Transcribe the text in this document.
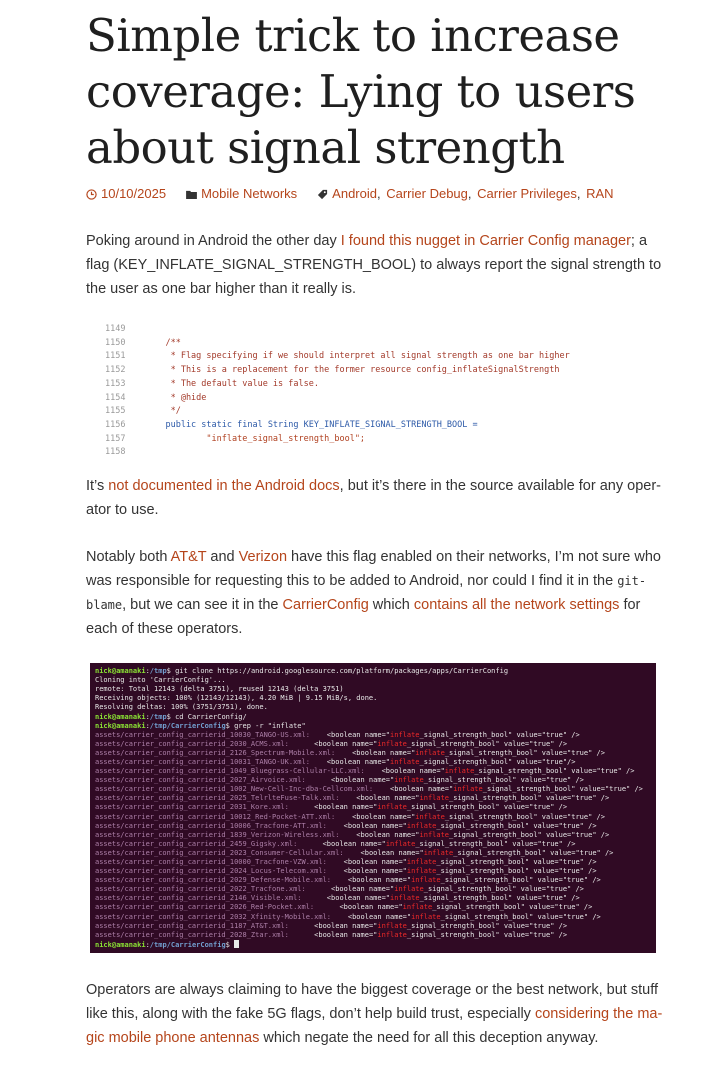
Simple trick to increase coverage: Lying to users about signal strength
10/10/2025	Mobile Networks	Android ,
Carrier Debug ,
Carrier Privileges ,
RAN

Poking around in Android the other day I found this nugget in Carrier Config manager; a flag (KEY_INFLATE_SIGNAL_STRENGTH_BOOL) to always report the signal strength to the user as one bar higher than it really is.

1149
1150	/**
1151	* Flag specifying if we should interpret all signal strength as one bar higher
1152	* This is a replacement for the former resource config_inflateSignalStrength
1153	* The default value is false.
1154	* @hide
1155	*/
1156	public static final String KEY_INFLATE_SIGNAL_STRENGTH_BOOL =
1157	"inflate_signal_strength_bool";
1158

It’s not documented in the Android docs, but it’s there in the source available for any operator to use.

Notably both AT&T and Verizon have this flag enabled on their networks, I’m not sure who was responsible for requesting this to be added to Android, nor could I find it in the git-blame, but we can see it in the CarrierConfig which contains all the network settings for each of these operators.

nick@amanaki:/tmp$ git clone https://android.googlesource.com/platform/packages/apps/CarrierConfig
Cloning into 'CarrierConfig'...
remote: Total 12143 (delta 3751), reused 12143 (delta 3751)
Receiving objects: 100% (12143/12143), 4.20 MiB | 9.15 MiB/s, done.
Resolving deltas: 100% (3751/3751), done.
nick@amanaki:/tmp$ cd CarrierConfig/
nick@amanaki:/tmp/CarrierConfig$ grep -r "inflate"
assets/carrier_config_carrierid_10030_TANGO-US.xml:    <boolean name="inflate_signal_strength_bool" value="true" />
assets/carrier_config_carrierid_2030_ACMS.xml:      <boolean name="inflate_signal_strength_bool" value="true" />
assets/carrier_config_carrierid_2126_Spectrum-Mobile.xml:    <boolean name="inflate_signal_strength_bool" value="true" />
assets/carrier_config_carrierid_10031_TANGO-UK.xml:    <boolean name="inflate_signal_strength_bool" value="true"/>
assets/carrier_config_carrierid_1049_Bluegrass-Cellular-LLC.xml:    <boolean name="inflate_signal_strength_bool" value="true" />
assets/carrier_config_carrierid_2027_Airvoice.xml:      <boolean name="inflate_signal_strength_bool" value="true" />
assets/carrier_config_carrierid_1002_New-Cell-Inc-dba-Cellcom.xml:    <boolean name="inflate_signal_strength_bool" value="true" />
assets/carrier_config_carrierid_2025_TelrlteFuse-Talk.xml:    <boolean name="inflate_signal_strength_bool" value="true" />
assets/carrier_config_carrierid_2031_Kore.xml:      <boolean name="inflate_signal_strength_bool" value="true" />
assets/carrier_config_carrierid_10012_Red-Pocket-ATT.xml:    <boolean name="inflate_signal_strength_bool" value="true" />
assets/carrier_config_carrierid_10006_Tracfone-ATT.xml:    <boolean name="inflate_signal_strength_bool" value="true" />
assets/carrier_config_carrierid_1839_Verizon-Wireless.xml:    <boolean name="inflate_signal_strength_bool" value="true" />
assets/carrier_config_carrierid_2459_Gigsky.xml:      <boolean name="inflate_signal_strength_bool" value="true" />
assets/carrier_config_carrierid_2023_Consumer-Cellular.xml:    <boolean name="inflate_signal_strength_bool" value="true" />
assets/carrier_config_carrierid_10000_Tracfone-VZW.xml:    <boolean name="inflate_signal_strength_bool" value="true" />
assets/carrier_config_carrierid_2024_Locus-Telecom.xml:    <boolean name="inflate_signal_strength_bool" value="true" />
assets/carrier_config_carrierid_2029_Defense-Mobile.xml:    <boolean name="inflate_signal_strength_bool" value="true" />
assets/carrier_config_carrierid_2022_Tracfone.xml:      <boolean name="inflate_signal_strength_bool" value="true" />
assets/carrier_config_carrierid_2146_Visible.xml:      <boolean name="inflate_signal_strength_bool" value="true" />
assets/carrier_config_carrierid_2026_Red-Pocket.xml:      <boolean name="inflate_signal_strength_bool" value="true" />
assets/carrier_config_carrierid_2032_Xfinity-Mobile.xml:    <boolean name="inflate_signal_strength_bool" value="true" />
assets/carrier_config_carrierid_1187_AT&T.xml:      <boolean name="inflate_signal_strength_bool" value="true" />
assets/carrier_config_carrierid_2028_Ztar.xml:      <boolean name="inflate_signal_strength_bool" value="true" />
nick@amanaki:/tmp/CarrierConfig$

Operators are always claiming to have the biggest coverage or the best network, but stuff like this, along with the fake 5G flags, don’t help build trust, especially considering the magic mobile phone antennas which negate the need for all this deception anyway.
